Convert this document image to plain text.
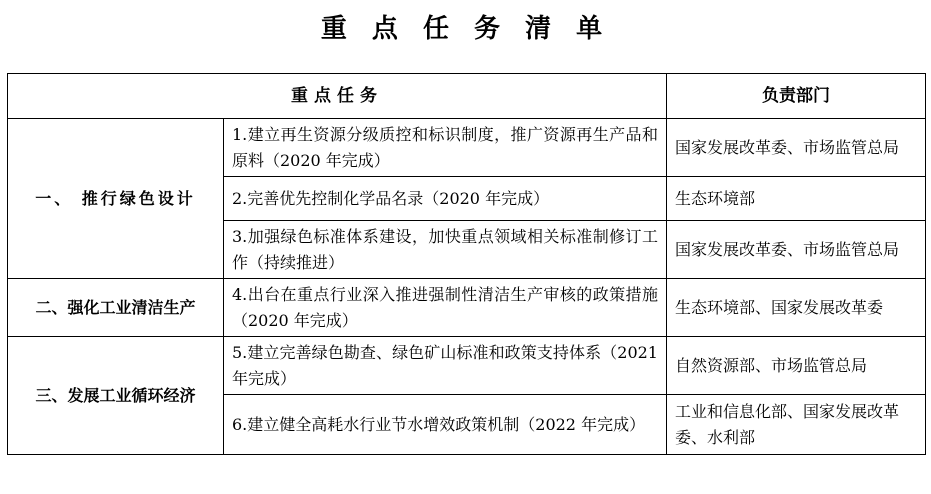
重 点 任 务 清 单
重点任务		负责部门
一、 推行绿色设计	1.建立再生资源分级质控和标识制度，推广资源再生产品和原料（2020 年完成）	国家发展改革委、市场监管总局
	2.完善优先控制化学品名录（2020 年完成）	生态环境部
	3.加强绿色标准体系建设，加快重点领域相关标准制修订工作（持续推进）	国家发展改革委、市场监管总局
二、强化工业清洁生产	4.出台在重点行业深入推进强制性清洁生产审核的政策措施（2020 年完成）	生态环境部、国家发展改革委
三、发展工业循环经济	5.建立完善绿色勘查、绿色矿山标准和政策支持体系（2021 年完成）	自然资源部、市场监管总局
	6.建立健全高耗水行业节水增效政策机制（2022 年完成）	工业和信息化部、国家发展改革委、水利部
